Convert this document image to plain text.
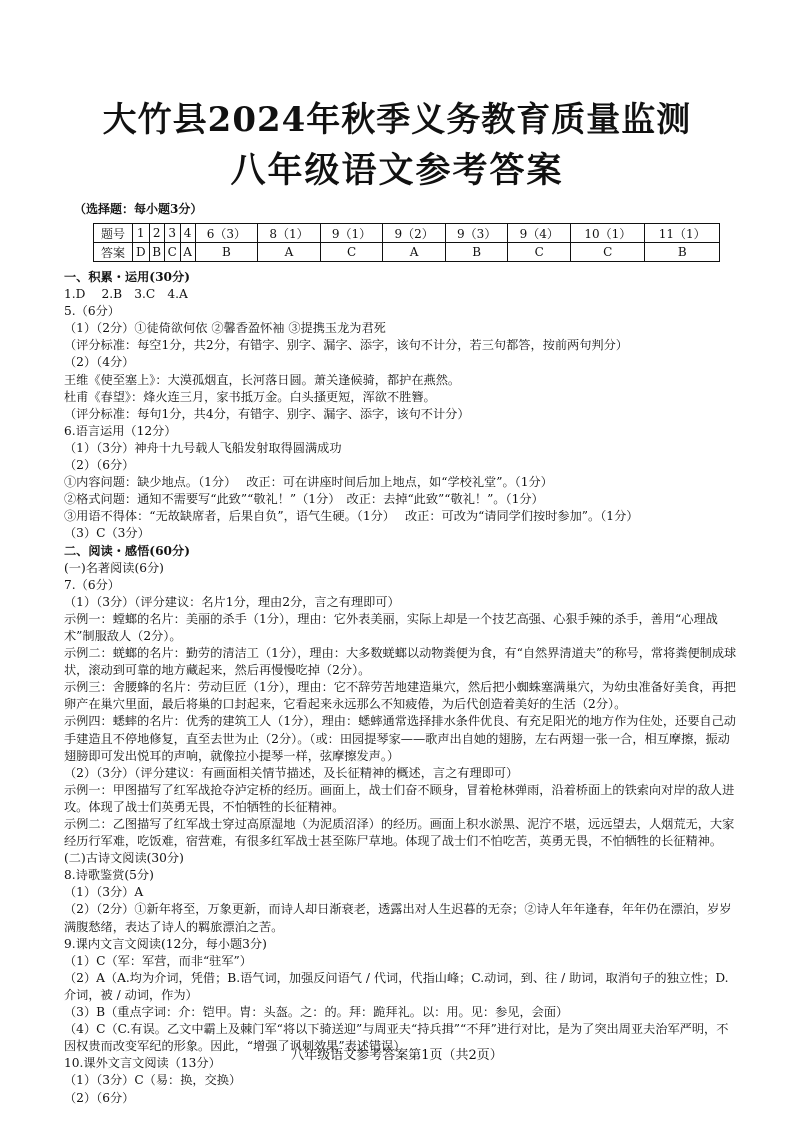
大竹县2024年秋季义务教育质量监测
八年级语文参考答案
（选择题：每小题3分）
题号	1	2	3	4	6（3）	8（1）	9（1）	9（2）	9（3）	9（4）	10（1）	11（1）
答案	D	B	C	A	B	A	C	A	B	C	C	B
一、积累・运用(30分)
1.D　 2.B　3.C　4.A
5.（6分）
（1）（2分）①徒倚欲何依 ②馨香盈怀袖 ③提携玉龙为君死
（评分标准：每空1分，共2分，有错字、别字、漏字、添字，该句不计分，若三句都答，按前两句判分）
（2）（4分）
王维《使至塞上》：大漠孤烟直，长河落日圆。萧关逢候骑，都护在燕然。
杜甫《春望》：烽火连三月，家书抵万金。白头搔更短，浑欲不胜簪。
（评分标准：每句1分，共4分，有错字、别字、漏字、添字，该句不计分）
6.语言运用（12分）
（1）（3分）神舟十九号载人飞船发射取得圆满成功
（2）（6分）
①内容问题：缺少地点。（1分）　 改正：可在讲座时间后加上地点，如“学校礼堂”。（1分）
②格式问题：通知不需要写“此致”“敬礼！”（1分）　改正：去掉“此致”“敬礼！”。（1分）
③用语不得体：“无故缺席者，后果自负”，语气生硬。（1分）　 改正：可改为“请同学们按时参加”。（1分）
（3）C（3分）
二、阅读・感悟(60分)
(一)名著阅读(6分)
7.（6分）
（1）（3分）（评分建议：名片1分，理由2分，言之有理即可）
示例一：螳螂的名片：美丽的杀手（1分），理由：它外表美丽，实际上却是一个技艺高强、心狠手辣的杀手，善用“心理战术”制服敌人（2分）。
示例二：蜣螂的名片：勤劳的清洁工（1分），理由：大多数蜣螂以动物粪便为食，有“自然界清道夫”的称号，常将粪便制成球状，滚动到可靠的地方藏起来，然后再慢慢吃掉（2分）。
示例三：舍腰蜂的名片：劳动巨匠（1分），理由：它不辞劳苦地建造巢穴，然后把小蜘蛛塞满巢穴，为幼虫准备好美食，再把卵产在巢穴里面，最后将巢的口封起来，它看起来永远那么不知疲倦，为后代创造着美好的生活（2分）。
示例四：蟋蟀的名片：优秀的建筑工人（1分），理由：蟋蟀通常选择排水条件优良、有充足阳光的地方作为住处，还要自己动手建造且不停地修复，直至去世为止（2分）。（或：田园提琴家——歌声出自她的翅膀，左右两翅一张一合，相互摩擦，振动翅膀即可发出悦耳的声响，就像拉小提琴一样，弦摩擦发声。）
（2）（3分）（评分建议：有画面相关情节描述，及长征精神的概述，言之有理即可）
示例一：甲图描写了红军战抢夺泸定桥的经历。画面上，战士们奋不顾身，冒着枪林弹雨，沿着桥面上的铁索向对岸的敌人进攻。体现了战士们英勇无畏，不怕牺牲的长征精神。
示例二：乙图描写了红军战士穿过高原湿地（为泥质沼泽）的经历。画面上积水淤黑、泥泞不堪，远远望去，人烟荒无，大家经历行军难，吃饭难，宿营难，有很多红军战士甚至陈尸草地。体现了战士们不怕吃苦，英勇无畏，不怕牺牲的长征精神。
(二)古诗文阅读(30分)
8.诗歌鉴赏(5分)
（1）（3分）A
（2）（2分）①新年将至，万象更新，而诗人却日渐衰老，透露出对人生迟暮的无奈；②诗人年年逢春，年年仍在漂泊，岁岁满腹愁绪，表达了诗人的羁旅漂泊之苦。
9.课内文言文阅读(12分，每小题3分)
（1）C（军：军营，而非“驻军”）
（2）A（A.均为介词，凭借；B.语气词，加强反问语气 / 代词，代指山峰；C.动词，到、往 / 助词，取消句子的独立性；D.介词，被 / 动词，作为）
（3）B（重点字词：介：铠甲。胄：头盔。之：的。拜：跪拜礼。以：用。见：参见，会面）
（4）C（C.有误。乙文中霸上及棘门军“将以下骑送迎”与周亚夫“持兵揖”“不拜”进行对比，是为了突出周亚夫治军严明，不因权贵而改变军纪的形象。因此，“增强了讽刺效果”表述错误）
10.课外文言文阅读（13分）
（1）（3分）C（易：换，交换）
（2）（6分）
八年级语文参考答案第1页（共2页）
